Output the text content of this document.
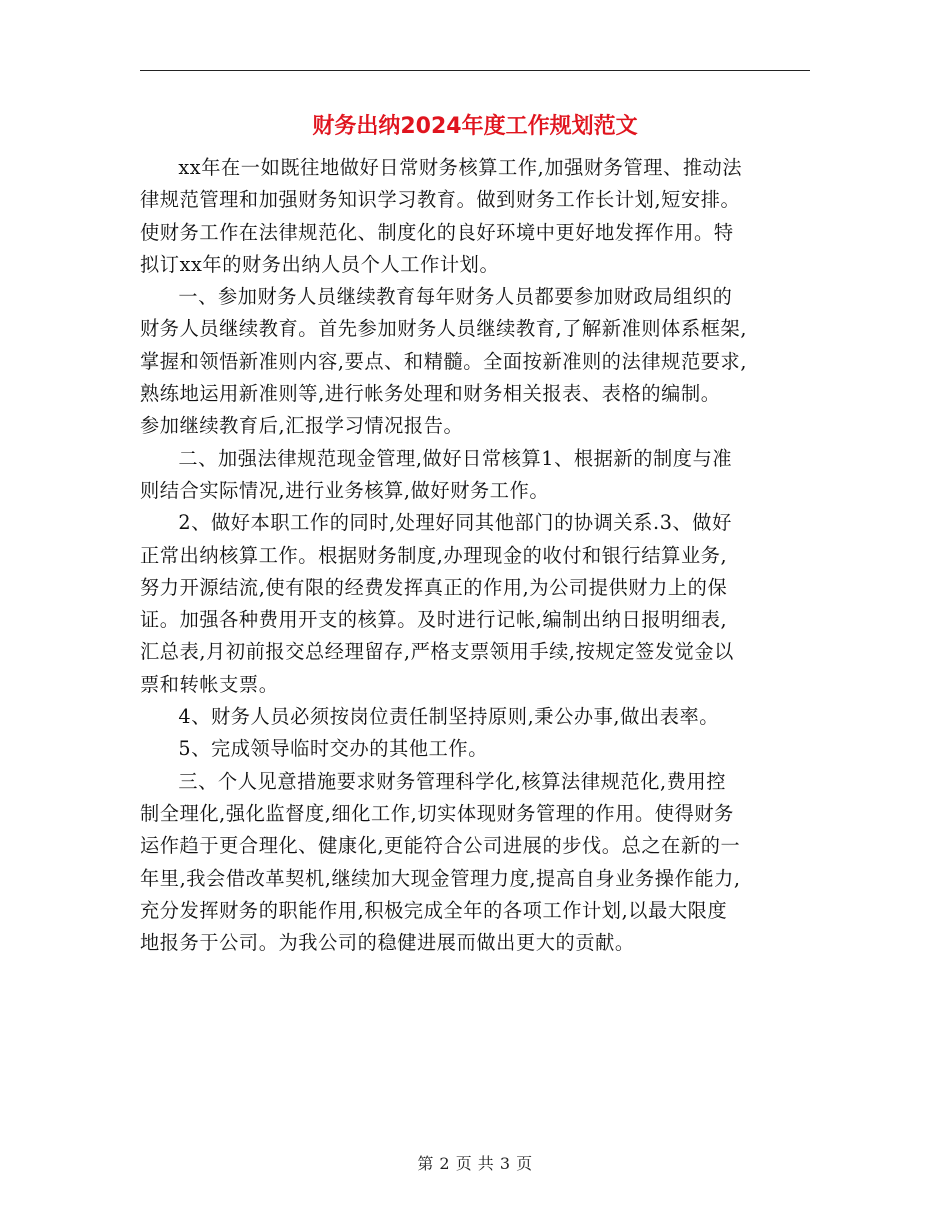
财务出纳2024年度工作规划范文

xx年在一如既往地做好日常财务核算工作,加强财务管理、推动法
律规范管理和加强财务知识学习教育。做到财务工作长计划,短安排。
使财务工作在法律规范化、制度化的良好环境中更好地发挥作用。特
拟订xx年的财务出纳人员个人工作计划。

一、参加财务人员继续教育每年财务人员都要参加财政局组织的
财务人员继续教育。首先参加财务人员继续教育,了解新准则体系框架,
掌握和领悟新准则内容,要点、和精髓。全面按新准则的法律规范要求,
熟练地运用新准则等,进行帐务处理和财务相关报表、表格的编制。
参加继续教育后,汇报学习情况报告。

二、加强法律规范现金管理,做好日常核算1、根据新的制度与准
则结合实际情况,进行业务核算,做好财务工作。

2、做好本职工作的同时,处理好同其他部门的协调关系.3、做好
正常出纳核算工作。根据财务制度,办理现金的收付和银行结算业务,
努力开源结流,使有限的经费发挥真正的作用,为公司提供财力上的保
证。加强各种费用开支的核算。及时进行记帐,编制出纳日报明细表,
汇总表,月初前报交总经理留存,严格支票领用手续,按规定签发觉金以
票和转帐支票。

4、财务人员必须按岗位责任制坚持原则,秉公办事,做出表率。

5、完成领导临时交办的其他工作。

三、个人见意措施要求财务管理科学化,核算法律规范化,费用控
制全理化,强化监督度,细化工作,切实体现财务管理的作用。使得财务
运作趋于更合理化、健康化,更能符合公司进展的步伐。总之在新的一
年里,我会借改革契机,继续加大现金管理力度,提高自身业务操作能力,
充分发挥财务的职能作用,积极完成全年的各项工作计划,以最大限度
地报务于公司。为我公司的稳健进展而做出更大的贡献。

第 2 页 共 3 页
